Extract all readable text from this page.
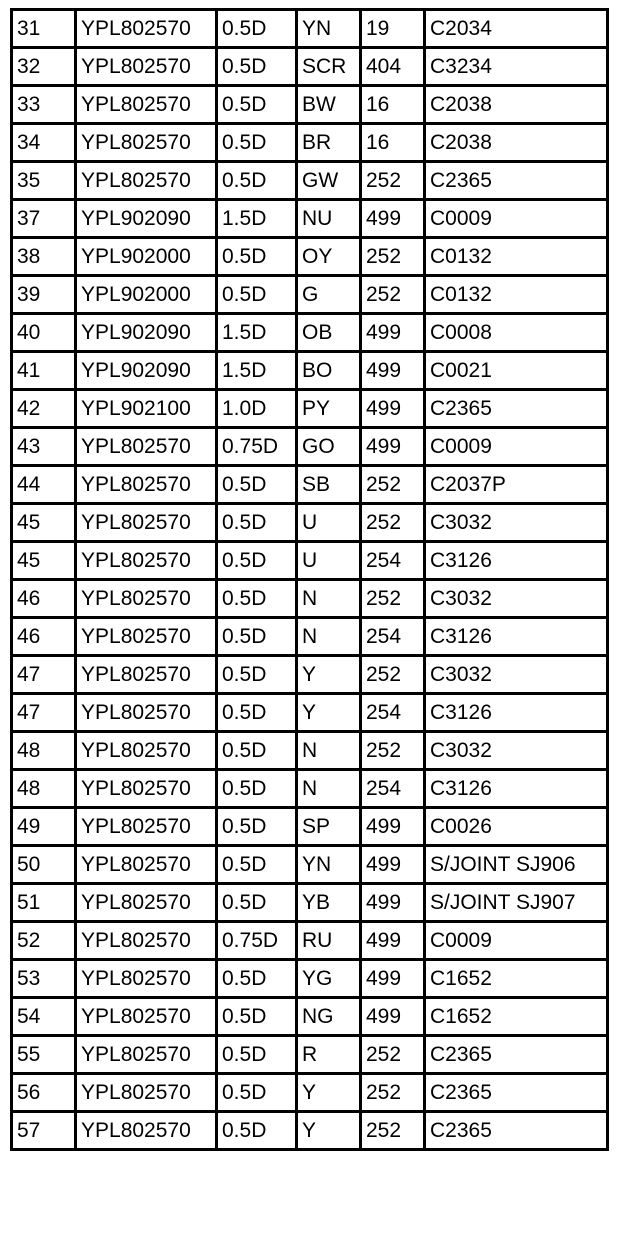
31	YPL802570	0.5D	YN	19	C2034
32	YPL802570	0.5D	SCR	404	C3234
33	YPL802570	0.5D	BW	16	C2038
34	YPL802570	0.5D	BR	16	C2038
35	YPL802570	0.5D	GW	252	C2365
37	YPL902090	1.5D	NU	499	C0009
38	YPL902000	0.5D	OY	252	C0132
39	YPL902000	0.5D	G	252	C0132
40	YPL902090	1.5D	OB	499	C0008
41	YPL902090	1.5D	BO	499	C0021
42	YPL902100	1.0D	PY	499	C2365
43	YPL802570	0.75D	GO	499	C0009
44	YPL802570	0.5D	SB	252	C2037P
45	YPL802570	0.5D	U	252	C3032
45	YPL802570	0.5D	U	254	C3126
46	YPL802570	0.5D	N	252	C3032
46	YPL802570	0.5D	N	254	C3126
47	YPL802570	0.5D	Y	252	C3032
47	YPL802570	0.5D	Y	254	C3126
48	YPL802570	0.5D	N	252	C3032
48	YPL802570	0.5D	N	254	C3126
49	YPL802570	0.5D	SP	499	C0026
50	YPL802570	0.5D	YN	499	S/JOINT SJ906
51	YPL802570	0.5D	YB	499	S/JOINT SJ907
52	YPL802570	0.75D	RU	499	C0009
53	YPL802570	0.5D	YG	499	C1652
54	YPL802570	0.5D	NG	499	C1652
55	YPL802570	0.5D	R	252	C2365
56	YPL802570	0.5D	Y	252	C2365
57	YPL802570	0.5D	Y	252	C2365
